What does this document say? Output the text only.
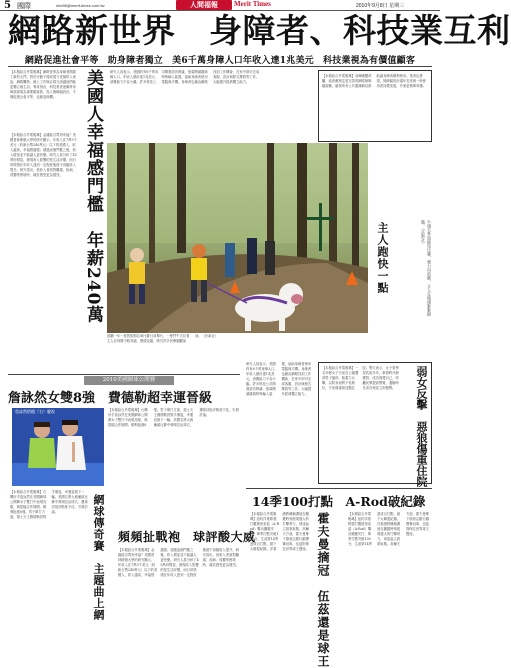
5 國際	mtx58@merit-times.com.tw	人間福報	Merit Times	2010年9月8日 星期三
網路新世界　身障者、科技業互利
網路促進社會平等　助身障者獨立　美6千萬身障人口年收入達1兆美元　科技業視為有價值顧客
【本報綜合外電報導】網路世界為身障者開啟了新的大門。對於行動不便或視力受損的人來說，網路購物、線上工作與社群交流讓他們能更獨立地生活。專家指出，科技業者逐漸將身障族群視為重要顧客群，投入無障礙設計，不僅促進社會平等，也創造商機。	美國人幸福感門檻　年薪240萬	研究人員表示，美國約有6千萬身障人口，年收入總計達1兆美元，消費能力不容小覷。許多科技公司開發語音辨識、螢幕閱讀器與特殊輸入裝置，協助身障者使用電腦與手機。身障者也藉由網路找到工作機會，在家中即可完成客服、設計與程式撰寫等工作，大幅提升經濟獨立能力。
【本報綜合外電報導】身障團體呼籲，政府應制定更完善的網路無障礙規範，確保所有公共服務網站都能讓身障者順利使用。業者也發現，無障礙設計讓年長者與一般使用者同樣受惠，介面更簡單易懂。
【本報綜合外電報導】金錢能否買到幸福？美國普林斯頓大學的研究顯示，年收入在7萬5千美元（約新台幣240萬元）以下的美國人，收入越高，幸福感越強；超過這個門檻之後，收入增加並不能讓人更快樂。研究人員分析了45萬份問卷，發現收入影響的是生活評價，而日常情緒在年收入達到一定程度後便不再隨收入提升。研究指出，低收入者面對離婚、疾病、孤獨等困境時，痛苦感受更為強烈。
主人跑快一點	牛頭犬參加拖曳比賽，賣力向前衝，主人在後頭緊緊跟隨。（法新社）
波蘭一年一度的狗狗拉車比賽日前舉行，一隻鬥牛犬拉著主人在林間小路奔跑，模樣逗趣，吸引許多民眾圍觀加油。（法新社）
弱女反擊　惡狼傷重住院
【本報綜合外電報導】一名年輕女子日前在公園遭到男子搶劫，她奮力反擊，以防身術將歹徒制伏，歹徒傷重被送醫住院。警方表示，女子曾學習武術多年，事發時冷靜應對，成功保護自己，呼籲民眾提高警覺，遇險時先求自保並立即報警。
研究人員表示，美國約有6千萬身障人口，年收入總計達1兆美元，消費能力不容小覷。許多科技公司開發語音辨識、螢幕閱讀器與特殊輸入裝置，協助身障者使用電腦與手機。身障者也藉由網路找到工作機會，在家中即可完成客服、設計與程式撰寫等工作，大幅提升經濟獨立能力。
2010美國網球公開賽
詹詠然女雙8強　費德勒超幸運晉級
詹詠然搭檔（右）慶祝	【本報綜合外電報導】台灣好手詹詠然在美國網球公開賽女子雙打中表現亮眼，與搭檔合作無間，順利挺進8強。男子單打方面，瑞士天王費德勒因對手傷退，幸運晉級下一輪。美國名將大威廉絲比賽中頻頻拉扯球衣，遭球評批評態度不佳，引發討論。
網球傳奇賽　主題曲上網
【本報綜合外電報導】台灣好手詹詠然在美國網球公開賽女子雙打中表現亮眼，與搭檔合作無間，順利挺進8強。男子單打方面，瑞士天王費德勒因對手傷退，幸運晉級下一輪。美國名將大威廉絲比賽中頻頻拉扯球衣，遭球評批評態度不佳，引發討論。
頻頻扯戰袍　球評酸大威
【本報綜合外電報導】金錢能否買到幸福？美國普林斯頓大學的研究顯示，年收入在7萬5千美元（約新台幣240萬元）以下的美國人，收入越高，幸福感越強；超過這個門檻之後，收入增加並不能讓人更快樂。研究人員分析了45萬份問卷，發現收入影響的是生活評價，而日常情緒在年收入達到一定程度後便不再隨收入提升。研究指出，低收入者面對離婚、疾病、孤獨等困境時，痛苦感受更為強烈。
14季100打點　A-Rod破紀錄
【本報綜合外電報導】紐約洋基隊強打羅德里奎茲（A-Rod）擊出關鍵安打，單季打點突破100分，生涯第14季達成百打點，創下大聯盟紀錄。洋基總教練稱讚他在關鍵時刻展現強大的打擊實力，球迷起立鼓掌致敬。高爾夫方面，霍夫曼奪下德意志銀行錦標賽冠軍，伍茲則保住世界球王寶座。 霍夫曼摘冠　伍茲還是球王	【本報綜合外電報導】紐約洋基隊強打羅德里奎茲（A-Rod）擊出關鍵安打，單季打點突破100分，生涯第14季達成百打點，創下大聯盟紀錄。洋基總教練稱讚他在關鍵時刻展現強大的打擊實力，球迷起立鼓掌致敬。高爾夫方面，霍夫曼奪下德意志銀行錦標賽冠軍，伍茲則保住世界球王寶座。
